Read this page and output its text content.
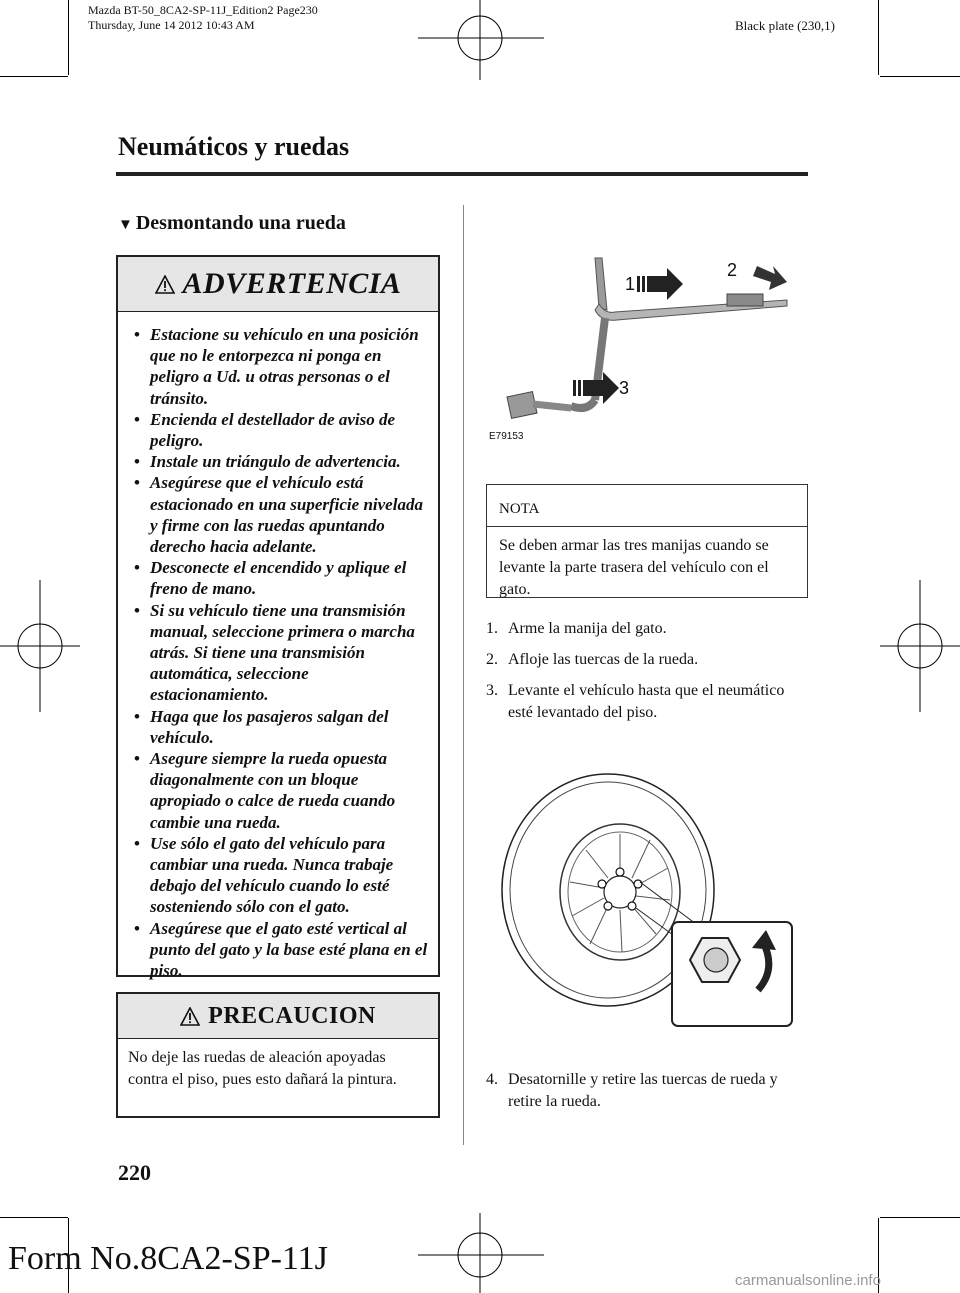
Mazda BT-50_8CA2-SP-11J_Edition2 Page230
Thursday, June 14 2012 10:43 AM	Black plate (230,1)
Neumáticos y ruedas
▼ Desmontando una rueda
ADVERTENCIA
• Estacione su vehículo en una posición que no le entorpezca ni ponga en peligro a Ud. u otras personas o el tránsito.
• Encienda el destellador de aviso de peligro.
• Instale un triángulo de advertencia.
• Asegúrese que el vehículo está estacionado en una superficie nivelada y firme con las ruedas apuntando derecho hacia adelante.
• Desconecte el encendido y aplique el freno de mano.
• Si su vehículo tiene una transmisión manual, seleccione primera o marcha atrás. Si tiene una transmisión automática, seleccione estacionamiento.
• Haga que los pasajeros salgan del vehículo.
• Asegure siempre la rueda opuesta diagonalmente con un bloque apropiado o calce de rueda cuando cambie una rueda.
• Use sólo el gato del vehículo para cambiar una rueda. Nunca trabaje debajo del vehículo cuando lo esté sosteniendo sólo con el gato.
• Asegúrese que el gato esté vertical al punto del gato y la base esté plana en el piso.
PRECAUCION
No deje las ruedas de aleación apoyadas contra el piso, pues esto dañará la pintura.
1
2
3
E79153
NOTA
Se deben armar las tres manijas cuando se levante la parte trasera del vehículo con el gato.
1. Arme la manija del gato.
2. Afloje las tuercas de la rueda.
3. Levante el vehículo hasta que el neumático esté levantado del piso.
4. Desatornille y retire las tuercas de rueda y retire la rueda.
220
Form No.8CA2-SP-11J
carmanualsonline.info
